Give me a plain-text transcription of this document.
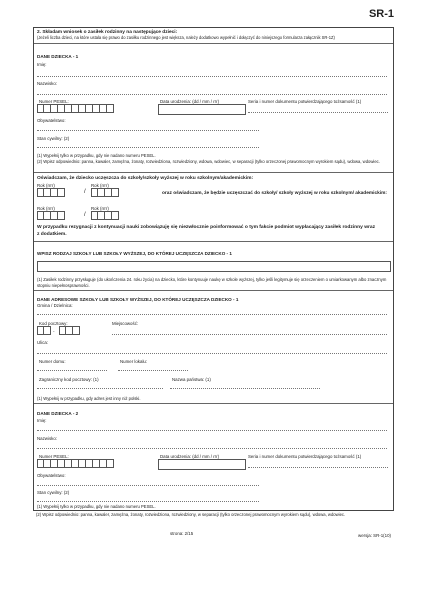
SR-1
2. Składam wniosek o zasiłek rodzinny na następujące dzieci:
(Jeżeli liczba dzieci, na które ustala się prawo do zasiłku rodzinnego jest większa, należy dodatkowo wypełnić i dołączyć do niniejszego formularza załącznik SR-1Z)
DANE DZIECKA - 1
Imię:
Nazwisko:
Numer PESEL:	Data urodzenia: (dd / mm / rrr)	Seria i numer dokumentu potwierdzającego tożsamość (1)
Obywatelstwo:
Stan cywilny: (2)
(1) Wypełnij tylko w przypadku, gdy nie nadano numeru PESEL.
(2) Wpisz odpowiednio: panna, kawaler, zamężna, żonaty, rozwiedziona, rozwiedziony, wdowa, wdowiec, w separacji (tylko orzeczonej prawomocnym wyrokiem sądu), wdowa, wdowiec.
Oświadczam, że dziecko uczęszcza do szkoły/szkoły wyższej w roku szkolnym/akademickim:
Rok (rrrr)	Rok (rrrr)
/	oraz oświadczam, że będzie uczęszczać do szkoły/ szkoły wyższej w roku szkolnym/ akademickim:
Rok (rrrr)	Rok (rrrr)
/
W przypadku rezygnacji z kontynuacji nauki zobowiązuję się niezwłocznie poinformować o tym fakcie podmiot wypłacający zasiłek rodzinny wraz z dodatkiem.
WPISZ RODZAJ SZKOŁY LUB SZKOŁY WYŻSZEJ, DO KTÓREJ UCZĘSZCZA DZIECKO - 1
(1) Zasiłek rodzinny przysługuje (do ukończenia 24. roku życia) na dziecko, które kontynuuje naukę w szkole wyższej, tylko jeśli legitymuje się orzeczeniem o umiarkowanym albo znacznym stopniu niepełnosprawności.
DANE ADRESOWE SZKOŁY LUB SZKOŁY WYŻSZEJ, DO KTÓREJ UCZĘSZCZA DZIECKO - 1
Gmina / Dzielnica:
Kod pocztowy:
-
Miejscowość:
Ulica:
Numer domu:	Numer lokalu:
Zagraniczny kod pocztowy: (1)	Nazwa państwa: (1)
(1) Wypełnij w przypadku, gdy adres jest inny niż polski.
DANE DZIECKA - 2
Imię:
Nazwisko:
Numer PESEL:	Data urodzenia: (dd / mm / rrr)	Seria i numer dokumentu potwierdzającego tożsamość (1)
Obywatelstwo:
Stan cywilny: (2)
(1) Wypełnij tylko w przypadku, gdy nie nadano numeru PESEL.
(2) Wpisz odpowiednio: panna, kawaler, zamężna, żonaty, rozwiedziona, rozwiedziony, w separacji (tylko orzeczonej prawomocnym wyrokiem sądu), wdowa, wdowiec.
strona: 2/15	wersja: SR-1(10)
